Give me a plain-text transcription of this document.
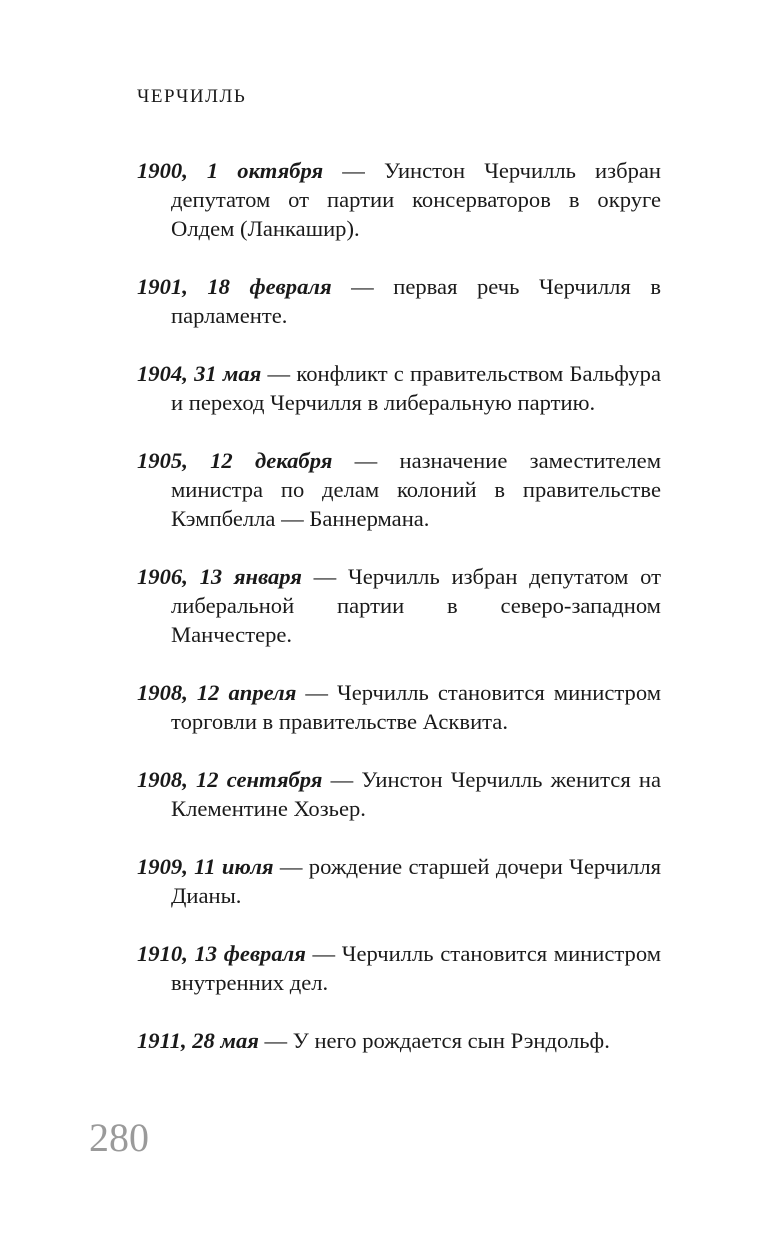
ЧЕРЧИЛЛЬ

1900, 1 октября — Уинстон Черчилль избран депутатом от партии консерваторов в округе Олдем (Ланкашир).

1901, 18 февраля — первая речь Черчилля в парламенте.

1904, 31 мая — конфликт с правительством Бальфура и переход Черчилля в либеральную партию.

1905, 12 декабря — назначение заместителем министра по делам колоний в правительстве Кэмпбелла — Баннермана.

1906, 13 января — Черчилль избран депутатом от либеральной партии в северо-западном Манчестере.

1908, 12 апреля — Черчилль становится министром торговли в правительстве Асквита.

1908, 12 сентября — Уинстон Черчилль женится на Клементине Хозьер.

1909, 11 июля — рождение старшей дочери Черчилля Дианы.

1910, 13 февраля — Черчилль становится министром внутренних дел.

1911, 28 мая — У него рождается сын Рэндольф.

280
